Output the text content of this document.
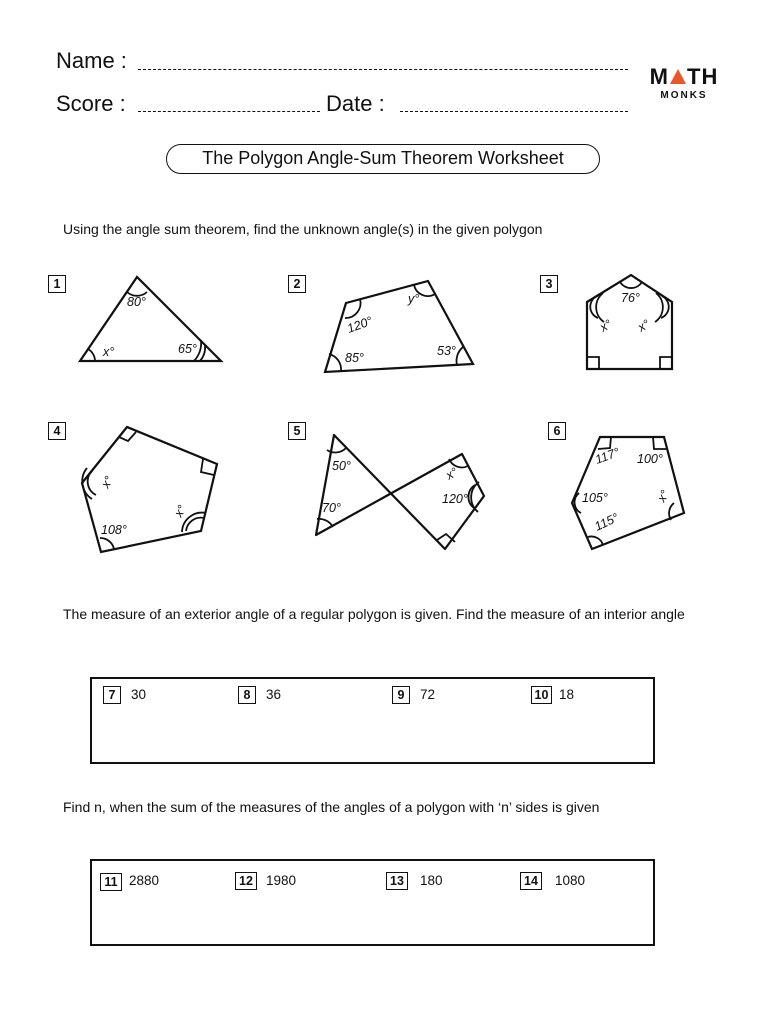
Name :
Score :	Date :
M TH
MONKS
The Polygon Angle-Sum Theorem Worksheet
Using the angle sum theorem, find the unknown angle(s) in the given polygon
1	2	3
4	5	6
80°
x°	65°
y°
120°
85°	53°
76°
x° x°
x°
x°
108°
50°
70°
x°
120°
117° 100°
105°	x°
115°
The measure of an exterior angle of a regular polygon is given. Find the measure of an interior angle
7	30	8	36	9	72	10 18
Find n, when the sum of the measures of the angles of a polygon with ‘n’ sides is given
11 2880	12 1980	13 180	14 1080
